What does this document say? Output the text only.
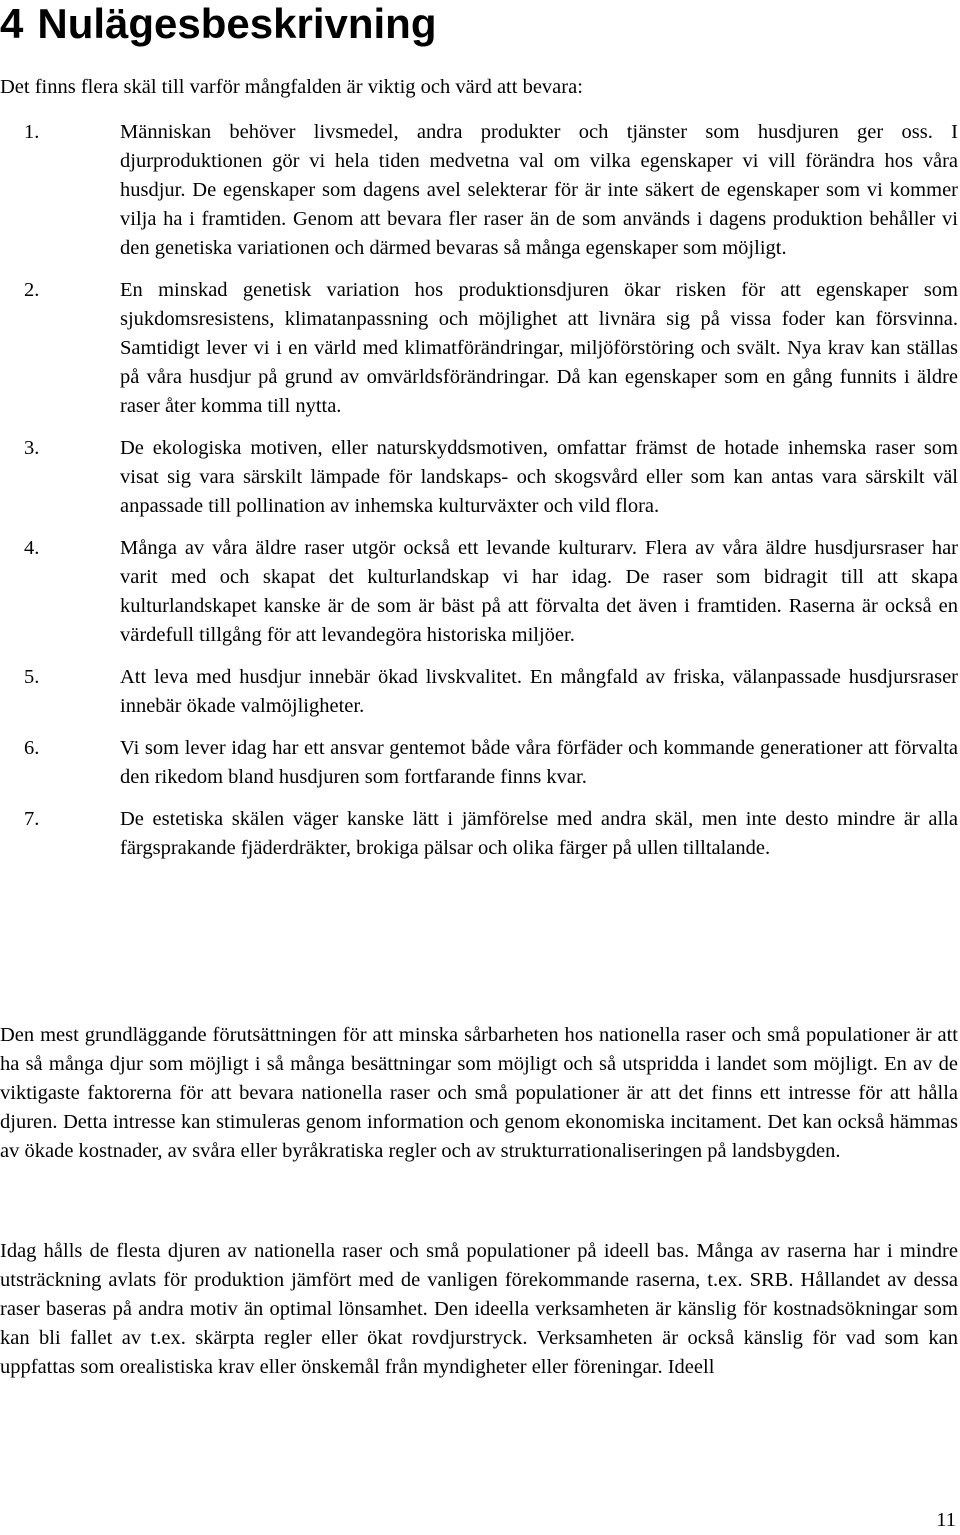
4 Nulägesbeskrivning

Det finns flera skäl till varför mångfalden är viktig och värd att bevara:

1.	Människan behöver livsmedel, andra produkter och tjänster som husdjuren ger oss. I djurproduktionen gör vi hela tiden medvetna val om vilka egenskaper vi vill förändra hos våra husdjur. De egenskaper som dagens avel selekterar för är inte säkert de egenskaper som vi kommer vilja ha i framtiden. Genom att bevara fler raser än de som används i dagens produktion behåller vi den genetiska variationen och därmed bevaras så många egenskaper som möjligt.
2.	En minskad genetisk variation hos produktionsdjuren ökar risken för att egenskaper som sjukdomsresistens, klimatanpassning och möjlighet att livnära sig på vissa foder kan försvinna. Samtidigt lever vi i en värld med klimatförändringar, miljöförstöring och svält. Nya krav kan ställas på våra husdjur på grund av omvärldsförändringar. Då kan egenskaper som en gång funnits i äldre raser åter komma till nytta.
3.	De ekologiska motiven, eller naturskyddsmotiven, omfattar främst de hotade inhemska raser som visat sig vara särskilt lämpade för landskaps- och skogsvård eller som kan antas vara särskilt väl anpassade till pollination av inhemska kulturväxter och vild flora.
4.	Många av våra äldre raser utgör också ett levande kulturarv. Flera av våra äldre husdjursraser har varit med och skapat det kulturlandskap vi har idag. De raser som bidragit till att skapa kulturlandskapet kanske är de som är bäst på att förvalta det även i framtiden. Raserna är också en värdefull tillgång för att levandegöra historiska miljöer.
5.	Att leva med husdjur innebär ökad livskvalitet. En mångfald av friska, välanpassade husdjursraser innebär ökade valmöjligheter.
6.	Vi som lever idag har ett ansvar gentemot både våra förfäder och kommande generationer att förvalta den rikedom bland husdjuren som fortfarande finns kvar.
7.	De estetiska skälen väger kanske lätt i jämförelse med andra skäl, men inte desto mindre är alla färgsprakande fjäderdräkter, brokiga pälsar och olika färger på ullen tilltalande.

Den mest grundläggande förutsättningen för att minska sårbarheten hos nationella raser och små populationer är att ha så många djur som möjligt i så många besättningar som möjligt och så utspridda i landet som möjligt. En av de viktigaste faktorerna för att bevara nationella raser och små populationer är att det finns ett intresse för att hålla djuren. Detta intresse kan stimuleras genom information och genom ekonomiska incitament. Det kan också hämmas av ökade kostnader, av svåra eller byråkratiska regler och av strukturrationaliseringen på landsbygden.

Idag hålls de flesta djuren av nationella raser och små populationer på ideell bas. Många av raserna har i mindre utsträckning avlats för produktion jämfört med de vanligen förekommande raserna, t.ex. SRB. Hållandet av dessa raser baseras på andra motiv än optimal lönsamhet. Den ideella verksamheten är känslig för kostnadsökningar som kan bli fallet av t.ex. skärpta regler eller ökat rovdjurstryck. Verksamheten är också känslig för vad som kan uppfattas som orealistiska krav eller önskemål från myndigheter eller föreningar. Ideell

11
